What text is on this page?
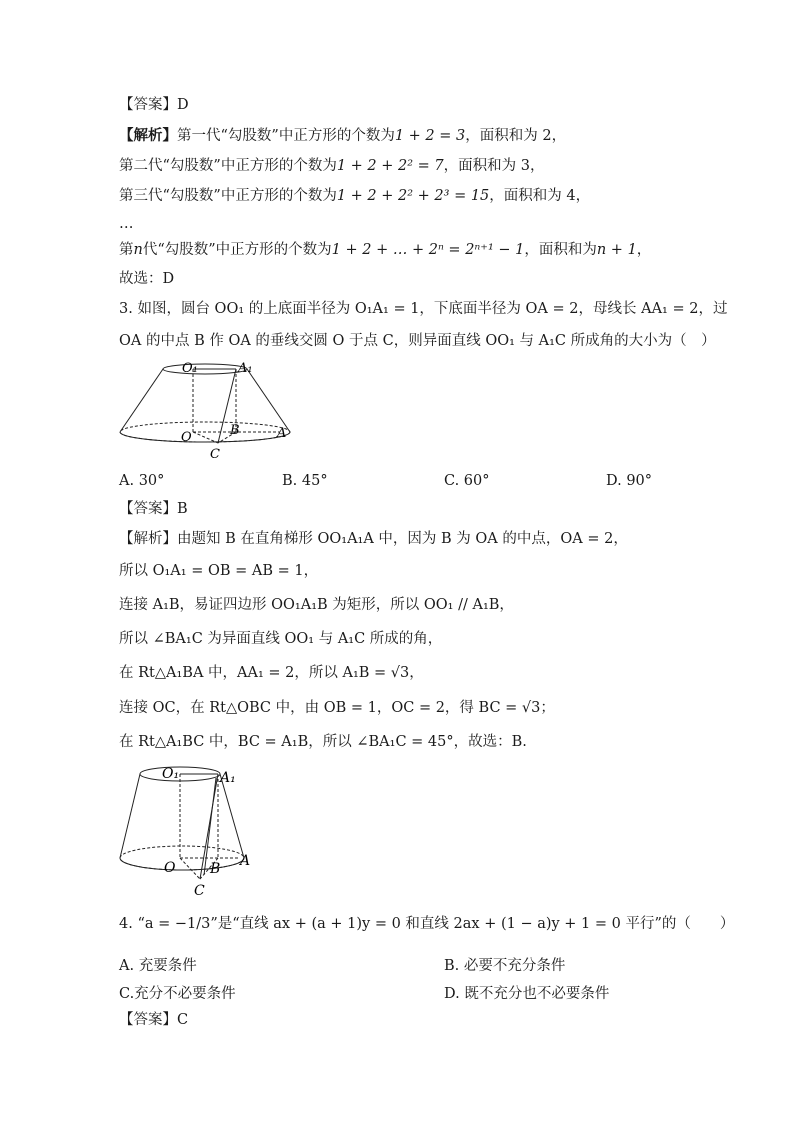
【答案】D
【解析】第一代“勾股数”中正方形的个数为1 + 2 = 3，面积和为 2，
第二代“勾股数”中正方形的个数为1 + 2 + 2² = 7，面积和为 3，
第三代“勾股数”中正方形的个数为1 + 2 + 2² + 2³ = 15，面积和为 4，
…
第n代“勾股数”中正方形的个数为1 + 2 + … + 2ⁿ = 2ⁿ⁺¹ − 1，面积和为n + 1，
故选：D
3. 如图，圆台 OO₁ 的上底面半径为 O₁A₁ = 1，下底面半径为 OA = 2，母线长 AA₁ = 2，过
OA 的中点 B 作 OA 的垂线交圆 O 于点 C，则异面直线 OO₁ 与 A₁C 所成角的大小为（　）
O₁	A₁
O	B	A
C
A. 30°	B. 45°	C. 60°	D. 90°
【答案】B
【解析】由题知 B 在直角梯形 OO₁A₁A 中，因为 B 为 OA 的中点，OA = 2，
所以 O₁A₁ = OB = AB = 1，
连接 A₁B，易证四边形 OO₁A₁B 为矩形，所以 OO₁ // A₁B，
所以 ∠BA₁C 为异面直线 OO₁ 与 A₁C 所成的角，
在 Rt△A₁BA 中，AA₁ = 2，所以 A₁B = √3，
连接 OC，在 Rt△OBC 中，由 OB = 1，OC = 2，得 BC = √3；
在 Rt△A₁BC 中，BC = A₁B，所以 ∠BA₁C = 45°，故选：B.
O₁	A₁
O B A
C
4. “a = −1/3”是“直线 ax + (a + 1)y = 0 和直线 2ax + (1 − a)y + 1 = 0 平行”的（　　）
A. 充要条件	B. 必要不充分条件
C.充分不必要条件	D. 既不充分也不必要条件
【答案】C
